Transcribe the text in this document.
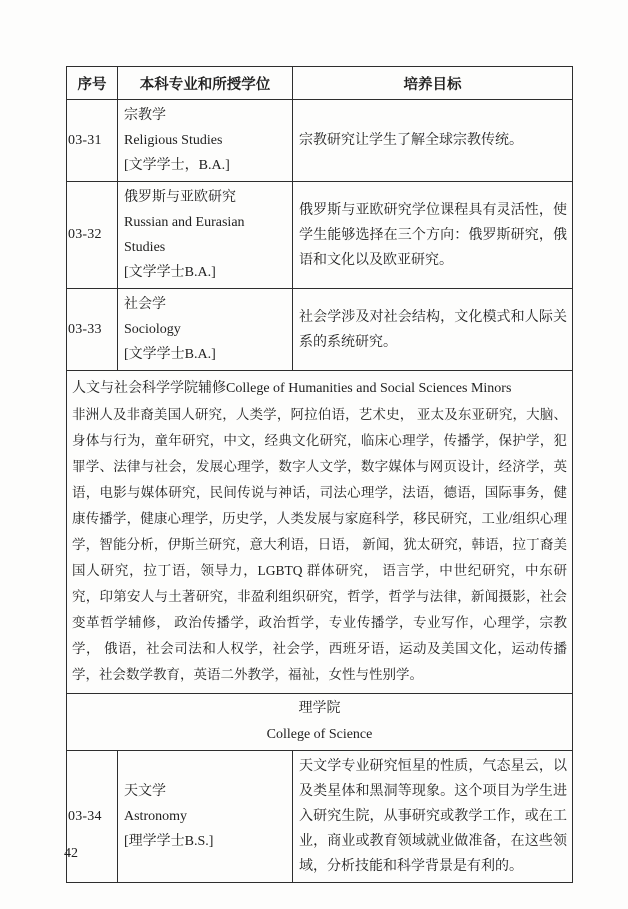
序号	本科专业和所授学位	培养目标
03-31	宗教学
Religious Studies
[文学学士，B.A.]	宗教研究让学生了解全球宗教传统。
03-32	俄罗斯与亚欧研究
Russian and Eurasian Studies
[文学学士B.A.]	俄罗斯与亚欧研究学位课程具有灵活性，使学生能够选择在三个方向：俄罗斯研究，俄语和文化以及欧亚研究。
03-33	社会学
Sociology
[文学学士B.A.]	社会学涉及对社会结构，文化模式和人际关系的系统研究。

人文与社会科学学院辅修College of Humanities and Social Sciences Minors
非洲人及非裔美国人研究，人类学，阿拉伯语，艺术史， 亚太及东亚研究，大脑、身体与行为，童年研究，中文，经典文化研究，临床心理学，传播学，保护学，犯罪学、法律与社会，发展心理学，数字人文学，数字媒体与网页设计，经济学，英语，电影与媒体研究，民间传说与神话，司法心理学，法语，德语，国际事务，健康传播学，健康心理学，历史学，人类发展与家庭科学，移民研究，工业/组织心理学，智能分析，伊斯兰研究，意大利语，日语， 新闻，犹太研究，韩语，拉丁裔美国人研究，拉丁语，领导力，LGBTQ 群体研究， 语言学，中世纪研究，中东研究，印第安人与土著研究，非盈利组织研究，哲学，哲学与法律，新闻摄影，社会变革哲学辅修， 政治传播学，政治哲学，专业传播学，专业写作，心理学，宗教学， 俄语，社会司法和人权学，社会学，西班牙语，运动及美国文化，运动传播学，社会数学教育，英语二外教学，福祉，女性与性别学。		

理学院
College of Science		

03-34	天文学
Astronomy
[理学学士B.S.]	天文学专业研究恒星的性质，气态星云，以及类星体和黑洞等现象。这个项目为学生进入研究生院，从事研究或教学工作，或在工业，商业或教育领域就业做准备，在这些领域，分析技能和科学背景是有利的。
42
